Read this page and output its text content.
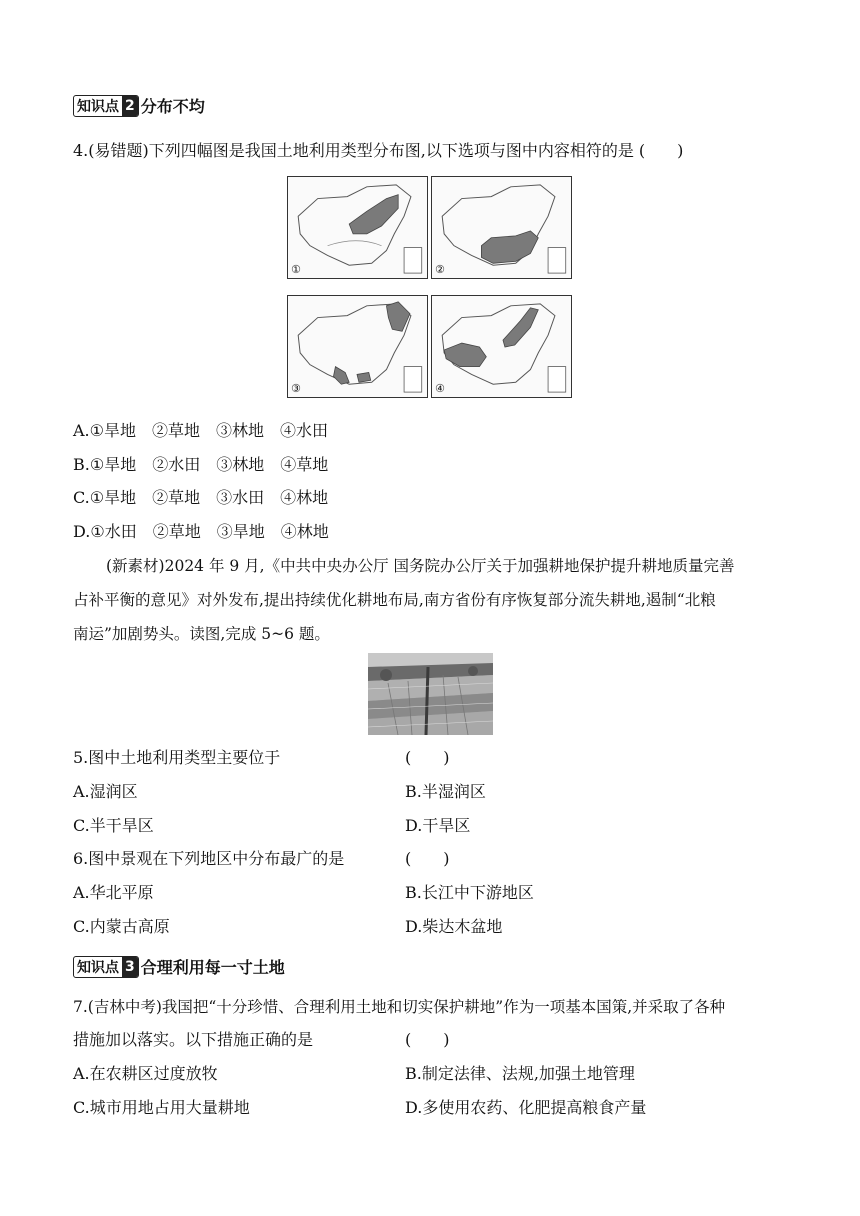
知识点 2 分布不均
4.(易错题)下列四幅图是我国土地利用类型分布图,以下选项与图中内容相符的是 (　　)
①	②
③	④
A.①旱地　②草地　③林地　④水田
B.①旱地　②水田　③林地　④草地
C.①旱地　②草地　③水田　④林地
D.①水田　②草地　③旱地　④林地
(新素材)2024 年 9 月,《中共中央办公厅 国务院办公厅关于加强耕地保护提升耕地质量完善
占补平衡的意见》对外发布,提出持续优化耕地布局,南方省份有序恢复部分流失耕地,遏制“北粮
南运”加剧势头。读图,完成 5~6 题。
5.图中土地利用类型主要位于	(　　)
A.湿润区	B.半湿润区
C.半干旱区	D.干旱区
6.图中景观在下列地区中分布最广的是	(　　)
A.华北平原	B.长江中下游地区
C.内蒙古高原	D.柴达木盆地
知识点 3 合理利用每一寸土地
7.(吉林中考)我国把“十分珍惜、合理利用土地和切实保护耕地”作为一项基本国策,并采取了各种
措施加以落实。以下措施正确的是	(　　)
A.在农耕区过度放牧	B.制定法律、法规,加强土地管理
C.城市用地占用大量耕地	D.多使用农药、化肥提高粮食产量
